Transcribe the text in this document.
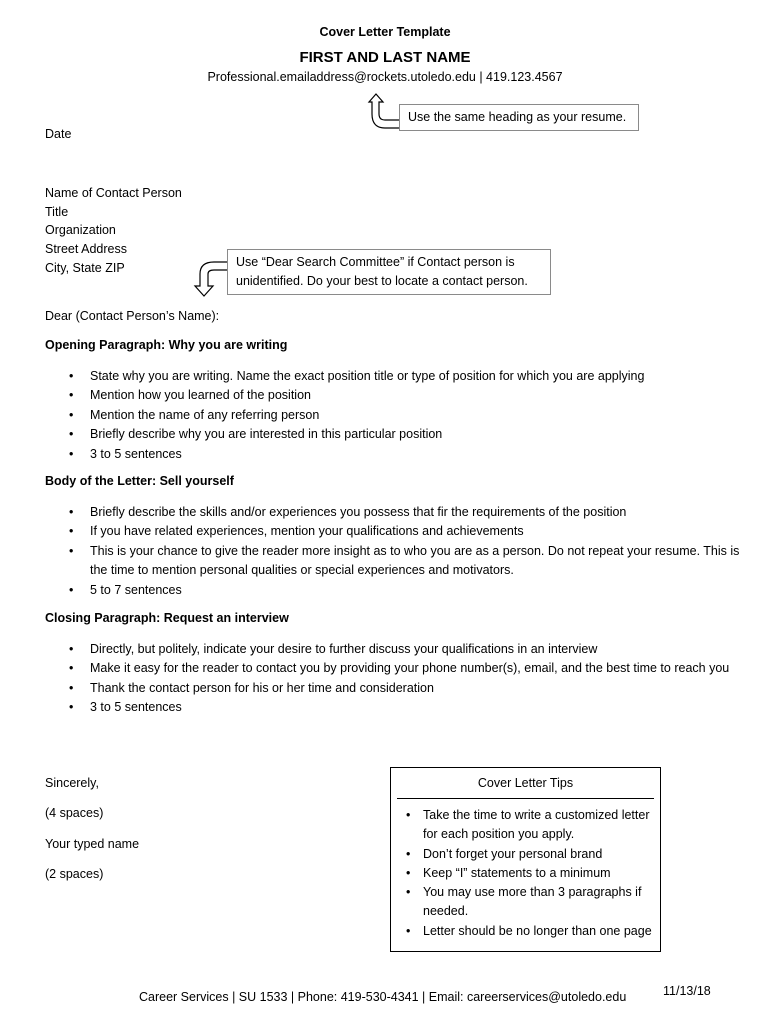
Cover Letter Template
FIRST AND LAST NAME
Professional.emailaddress@rockets.utoledo.edu | 419.123.4567
Use the same heading as your resume.
Date
Name of Contact Person
Title
Organization
Street Address
City, State ZIP	Use “Dear Search Committee” if Contact person is
unidentified. Do your best to locate a contact person.
Dear (Contact Person’s Name):
Opening Paragraph: Why you are writing
• State why you are writing. Name the exact position title or type of position for which you are applying
• Mention how you learned of the position
• Mention the name of any referring person
• Briefly describe why you are interested in this particular position
• 3 to 5 sentences
Body of the Letter: Sell yourself
• Briefly describe the skills and/or experiences you possess that fir the requirements of the position
• If you have related experiences, mention your qualifications and achievements
• This is your chance to give the reader more insight as to who you are as a person. Do not repeat your resume. This is the time to mention personal qualities or special experiences and motivators.
• 5 to 7 sentences
Closing Paragraph: Request an interview
• Directly, but politely, indicate your desire to further discuss your qualifications in an interview
• Make it easy for the reader to contact you by providing your phone number(s), email, and the best time to reach you
• Thank the contact person for his or her time and consideration
• 3 to 5 sentences
Sincerely,
(4 spaces)
Your typed name
(2 spaces)
Cover Letter Tips
• Take the time to write a customized letter for each position you apply.
• Don’t forget your personal brand
• Keep “I” statements to a minimum
• You may use more than 3 paragraphs if needed.
• Letter should be no longer than one page
Career Services | SU 1533 | Phone: 419-530-4341 | Email: careerservices@utoledo.edu	11/13/18
